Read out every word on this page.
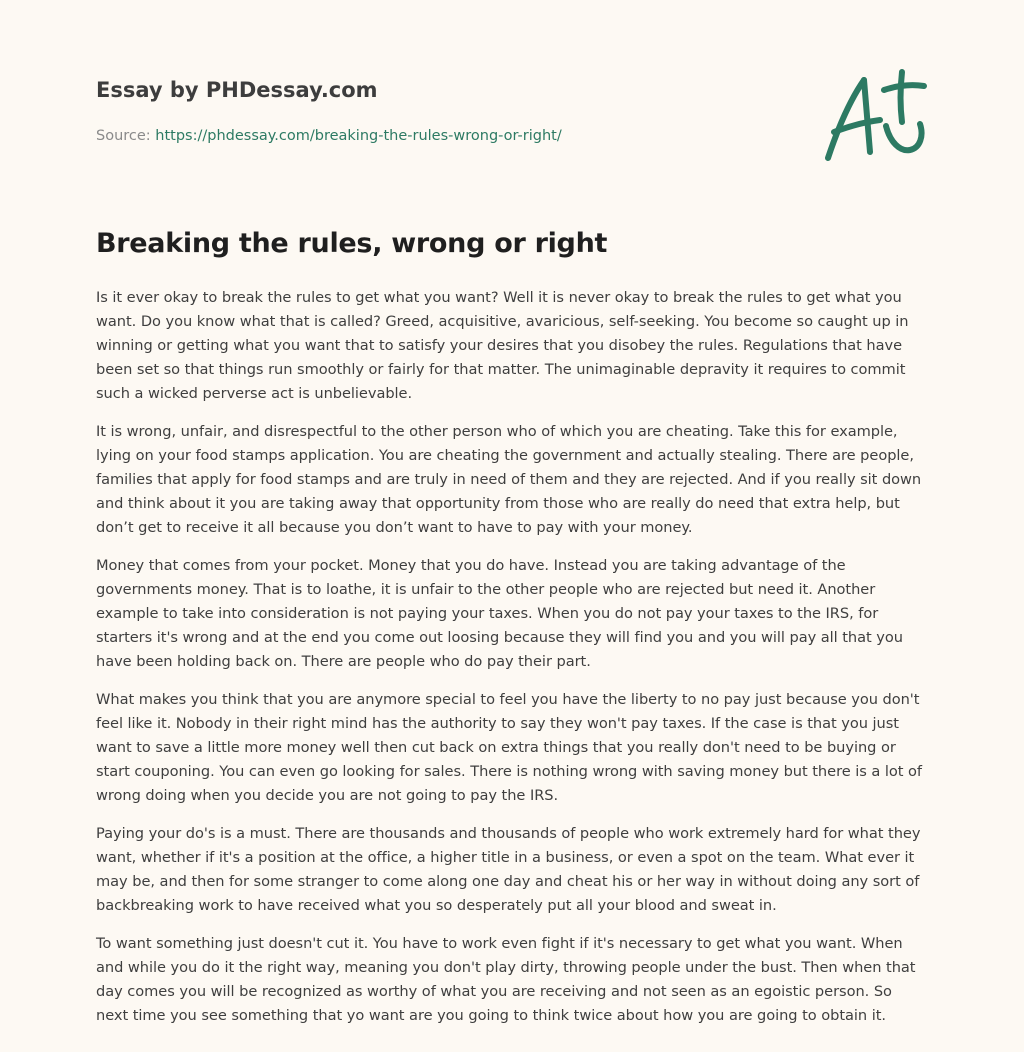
Essay by PHDessay.com
Source: https://phdessay.com/breaking-the-rules-wrong-or-right/
Breaking the rules, wrong or right

Is it ever okay to break the rules to get what you want? Well it is never okay to break the rules to get what you want. Do you know what that is called? Greed, acquisitive, avaricious, self-seeking. You become so caught up in winning or getting what you want that to satisfy your desires that you disobey the rules. Regulations that have been set so that things run smoothly or fairly for that matter. The unimaginable depravity it requires to commit such a wicked perverse act is unbelievable.

It is wrong, unfair, and disrespectful to the other person who of which you are cheating. Take this for example, lying on your food stamps application. You are cheating the government and actually stealing. There are people, families that apply for food stamps and are truly in need of them and they are rejected. And if you really sit down and think about it you are taking away that opportunity from those who are really do need that extra help, but don’t get to receive it all because you don’t want to have to pay with your money.

Money that comes from your pocket. Money that you do have. Instead you are taking advantage of the governments money. That is to loathe, it is unfair to the other people who are rejected but need it. Another example to take into consideration is not paying your taxes. When you do not pay your taxes to the IRS, for starters it's wrong and at the end you come out loosing because they will find you and you will pay all that you have been holding back on. There are people who do pay their part.

What makes you think that you are anymore special to feel you have the liberty to no pay just because you don't feel like it. Nobody in their right mind has the authority to say they won't pay taxes. If the case is that you just want to save a little more money well then cut back on extra things that you really don't need to be buying or start couponing. You can even go looking for sales. There is nothing wrong with saving money but there is a lot of wrong doing when you decide you are not going to pay the IRS.

Paying your do's is a must. There are thousands and thousands of people who work extremely hard for what they want, whether if it's a position at the office, a higher title in a business, or even a spot on the team. What ever it may be, and then for some stranger to come along one day and cheat his or her way in without doing any sort of backbreaking work to have received what you so desperately put all your blood and sweat in.

To want something just doesn't cut it. You have to work even fight if it's necessary to get what you want. When and while you do it the right way, meaning you don't play dirty, throwing people under the bust. Then when that day comes you will be recognized as worthy of what you are receiving and not seen as an egoistic person. So next time you see something that yo want are you going to think twice about how you are going to obtain it.
